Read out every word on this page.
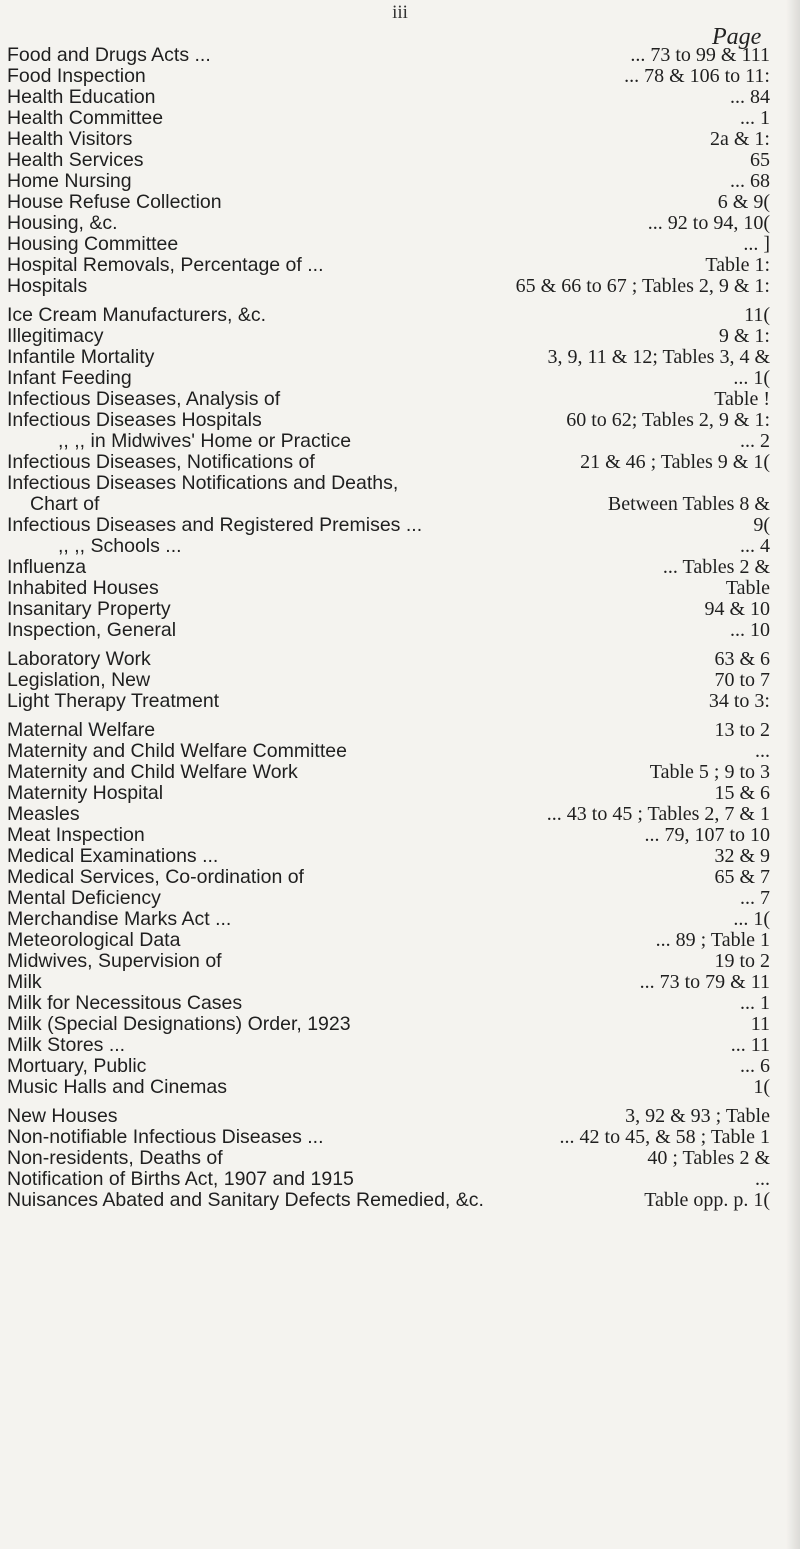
iii
Page
Food and Drugs Acts ...	... 73 to 99 & 111
Food Inspection	... 78 & 106 to 11:
Health Education	... 84
Health Committee	... 1
Health Visitors	2a & 1:
Health Services	65
Home Nursing	... 68
House Refuse Collection	6 & 9(
Housing, &c.	... 92 to 94, 10(
Housing Committee	... ]
Hospital Removals, Percentage of ...	Table 1:
Hospitals	65 & 66 to 67 ; Tables 2, 9 & 1:
Ice Cream Manufacturers, &c.	11(
Illegitimacy	9 & 1:
Infantile Mortality	3, 9, 11 & 12; Tables 3, 4 &
Infant Feeding	... 1(
Infectious Diseases, Analysis of	Table !
Infectious Diseases Hospitals	60 to 62; Tables 2, 9 & 1:
,, ,, in Midwives' Home or Practice	... 2
Infectious Diseases, Notifications of	21 & 46 ; Tables 9 & 1(
Infectious Diseases Notifications and Deaths,
Chart of	Between Tables 8 &
Infectious Diseases and Registered Premises ...	9(
,, ,, Schools ...	... 4
Influenza	... Tables 2 &
Inhabited Houses	Table
Insanitary Property	94 & 10
Inspection, General	... 10
Laboratory Work	63 & 6
Legislation, New	70 to 7
Light Therapy Treatment	34 to 3:
Maternal Welfare	13 to 2
Maternity and Child Welfare Committee	...
Maternity and Child Welfare Work	Table 5 ; 9 to 3
Maternity Hospital	15 & 6
Measles	... 43 to 45 ; Tables 2, 7 & 1
Meat Inspection	... 79, 107 to 10
Medical Examinations ...	32 & 9
Medical Services, Co-ordination of	65 & 7
Mental Deficiency	... 7
Merchandise Marks Act ...	... 1(
Meteorological Data	... 89 ; Table 1
Midwives, Supervision of	19 to 2
Milk	... 73 to 79 & 11
Milk for Necessitous Cases	... 1
Milk (Special Designations) Order, 1923	11
Milk Stores ...	... 11
Mortuary, Public	... 6
Music Halls and Cinemas	1(
New Houses	3, 92 & 93 ; Table
Non-notifiable Infectious Diseases ...	... 42 to 45, & 58 ; Table 1
Non-residents, Deaths of	40 ; Tables 2 &
Notification of Births Act, 1907 and 1915	...
Nuisances Abated and Sanitary Defects Remedied, &c.	Table opp. p. 1(
